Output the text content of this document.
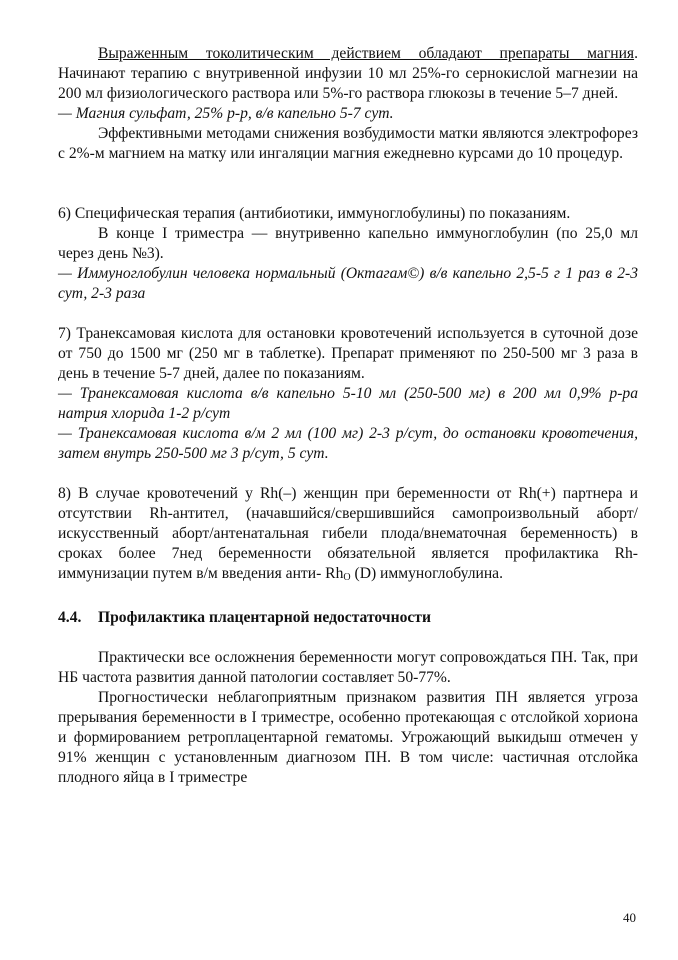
Выраженным токолитическим действием обладают препараты магния. Начинают терапию с внутривенной инфузии 10 мл 25%-го сернокислой магнезии на 200 мл физиологического раствора или 5%-го раствора глюкозы в течение 5–7 дней.

— Магния сульфат, 25% р-р, в/в капельно 5-7 сут.

Эффективными методами снижения возбудимости матки являются электрофорез с 2%-м магнием на матку или ингаляции магния ежедневно курсами до 10 процедур.

6) Специфическая терапия (антибиотики, иммуноглобулины) по показаниям.

В конце I триместра — внутривенно капельно иммуноглобулин (по 25,0 мл через день №3).

— Иммуноглобулин человека нормальный (Октагам©) в/в капельно 2,5-5 г 1 раз в 2-3 сут, 2-3 раза

7) Транексамовая кислота для остановки кровотечений используется в суточной дозе от 750 до 1500 мг (250 мг в таблетке). Препарат применяют по 250-500 мг 3 раза в день в течение 5-7 дней, далее по показаниям.

— Транексамовая кислота в/в капельно 5-10 мл (250-500 мг) в 200 мл 0,9% р-ра натрия хлорида 1-2 р/сут

— Транексамовая кислота в/м 2 мл (100 мг) 2-3 р/сут, до остановки кровотечения, затем внутрь 250-500 мг 3 р/сут, 5 сут.

8) В случае кровотечений у Rh(–) женщин при беременности от Rh(+) партнера и отсутствии Rh-антител, (начавшийся/свершившийся самопроизвольный аборт/искусственный аборт/антенатальная гибели плода/внематочная беременность) в сроках более 7нед беременности обязательной является профилактика Rh-иммунизации путем в/м введения анти- $Rh_O$ (D) иммуноглобулина.

4.4. Профилактика плацентарной недостаточности

Практически все осложнения беременности могут сопровождаться ПН. Так, при НБ частота развития данной патологии составляет 50-77%.

Прогностически неблагоприятным признаком развития ПН является угроза прерывания беременности в I триместре, особенно протекающая с отслойкой хориона и формированием ретроплацентарной гематомы. Угрожающий выкидыш отмечен у 91% женщин с установленным диагнозом ПН. В том числе: частичная отслойка плодного яйца в I триместре

40
